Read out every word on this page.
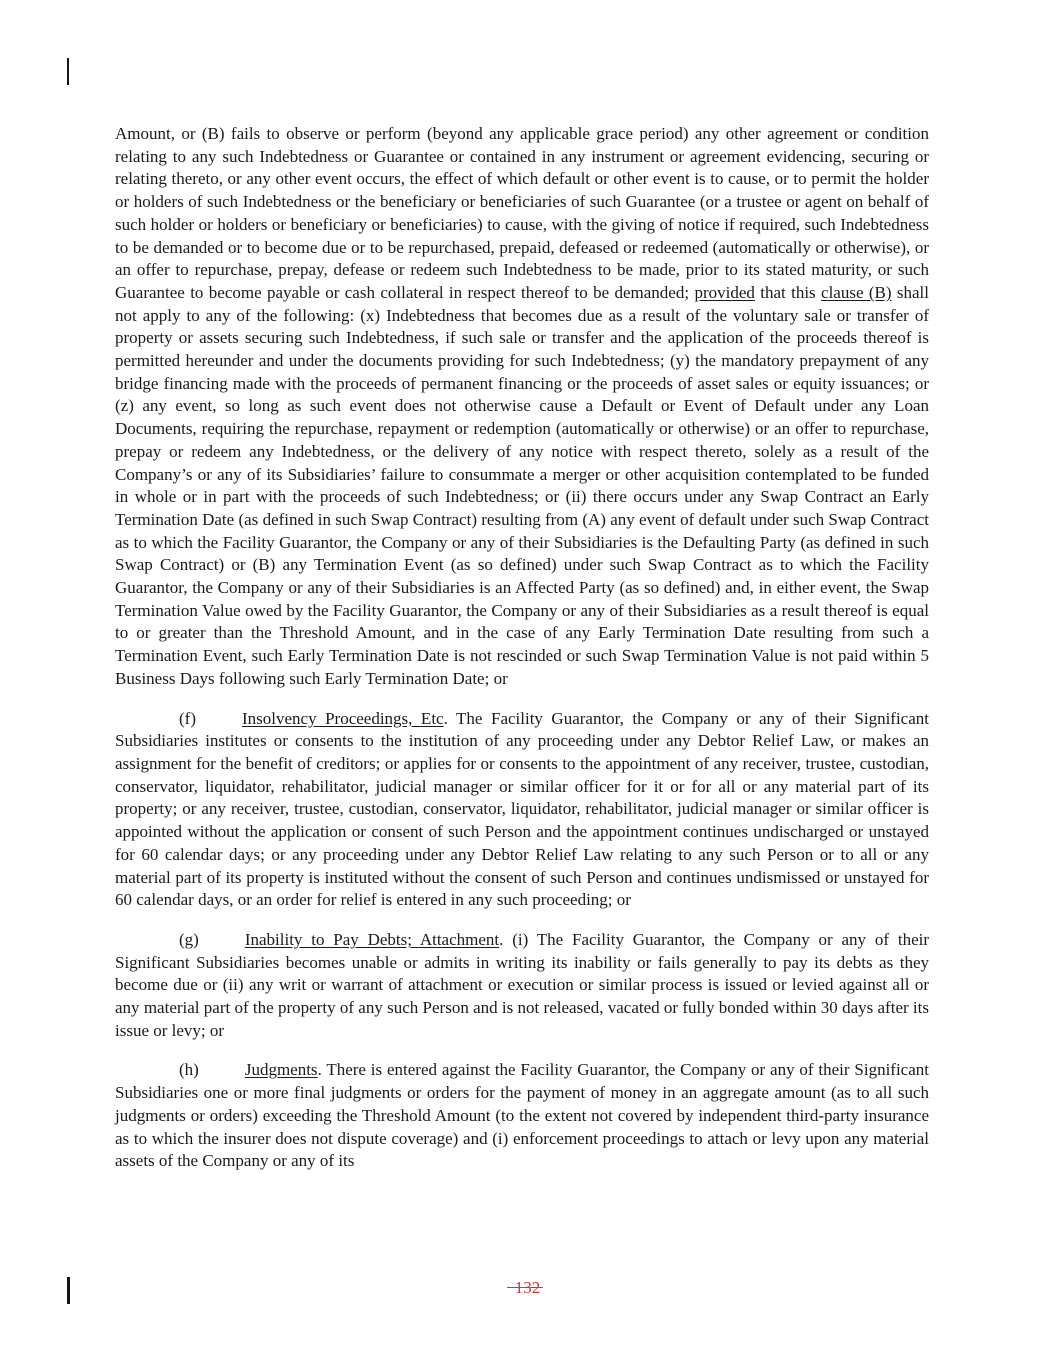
Amount, or (B) fails to observe or perform (beyond any applicable grace period) any other agreement or condition relating to any such Indebtedness or Guarantee or contained in any instrument or agreement evidencing, securing or relating thereto, or any other event occurs, the effect of which default or other event is to cause, or to permit the holder or holders of such Indebtedness or the beneficiary or beneficiaries of such Guarantee (or a trustee or agent on behalf of such holder or holders or beneficiary or beneficiaries) to cause, with the giving of notice if required, such Indebtedness to be demanded or to become due or to be repurchased, prepaid, defeased or redeemed (automatically or otherwise), or an offer to repurchase, prepay, defease or redeem such Indebtedness to be made, prior to its stated maturity, or such Guarantee to become payable or cash collateral in respect thereof to be demanded; provided that this clause (B) shall not apply to any of the following: (x) Indebtedness that becomes due as a result of the voluntary sale or transfer of property or assets securing such Indebtedness, if such sale or transfer and the application of the proceeds thereof is permitted hereunder and under the documents providing for such Indebtedness; (y) the mandatory prepayment of any bridge financing made with the proceeds of permanent financing or the proceeds of asset sales or equity issuances; or (z) any event, so long as such event does not otherwise cause a Default or Event of Default under any Loan Documents, requiring the repurchase, repayment or redemption (automatically or otherwise) or an offer to repurchase, prepay or redeem any Indebtedness, or the delivery of any notice with respect thereto, solely as a result of the Company’s or any of its Subsidiaries’ failure to consummate a merger or other acquisition contemplated to be funded in whole or in part with the proceeds of such Indebtedness; or (ii) there occurs under any Swap Contract an Early Termination Date (as defined in such Swap Contract) resulting from (A) any event of default under such Swap Contract as to which the Facility Guarantor, the Company or any of their Subsidiaries is the Defaulting Party (as defined in such Swap Contract) or (B) any Termination Event (as so defined) under such Swap Contract as to which the Facility Guarantor, the Company or any of their Subsidiaries is an Affected Party (as so defined) and, in either event, the Swap Termination Value owed by the Facility Guarantor, the Company or any of their Subsidiaries as a result thereof is equal to or greater than the Threshold Amount, and in the case of any Early Termination Date resulting from such a Termination Event, such Early Termination Date is not rescinded or such Swap Termination Value is not paid within 5 Business Days following such Early Termination Date; or

(f)	Insolvency Proceedings, Etc. The Facility Guarantor, the Company or any of their Significant Subsidiaries institutes or consents to the institution of any proceeding under any Debtor Relief Law, or makes an assignment for the benefit of creditors; or applies for or consents to the appointment of any receiver, trustee, custodian, conservator, liquidator, rehabilitator, judicial manager or similar officer for it or for all or any material part of its property; or any receiver, trustee, custodian, conservator, liquidator, rehabilitator, judicial manager or similar officer is appointed without the application or consent of such Person and the appointment continues undischarged or unstayed for 60 calendar days; or any proceeding under any Debtor Relief Law relating to any such Person or to all or any material part of its property is instituted without the consent of such Person and continues undismissed or unstayed for 60 calendar days, or an order for relief is entered in any such proceeding; or

(g)	Inability to Pay Debts; Attachment. (i) The Facility Guarantor, the Company or any of their Significant Subsidiaries becomes unable or admits in writing its inability or fails generally to pay its debts as they become due or (ii) any writ or warrant of attachment or execution or similar process is issued or levied against all or any material part of the property of any such Person and is not released, vacated or fully bonded within 30 days after its issue or levy; or

(h)	Judgments. There is entered against the Facility Guarantor, the Company or any of their Significant Subsidiaries one or more final judgments or orders for the payment of money in an aggregate amount (as to all such judgments or orders) exceeding the Threshold Amount (to the extent not covered by independent third-party insurance as to which the insurer does not dispute coverage) and (i) enforcement proceedings to attach or levy upon any material assets of the Company or any of its

132
